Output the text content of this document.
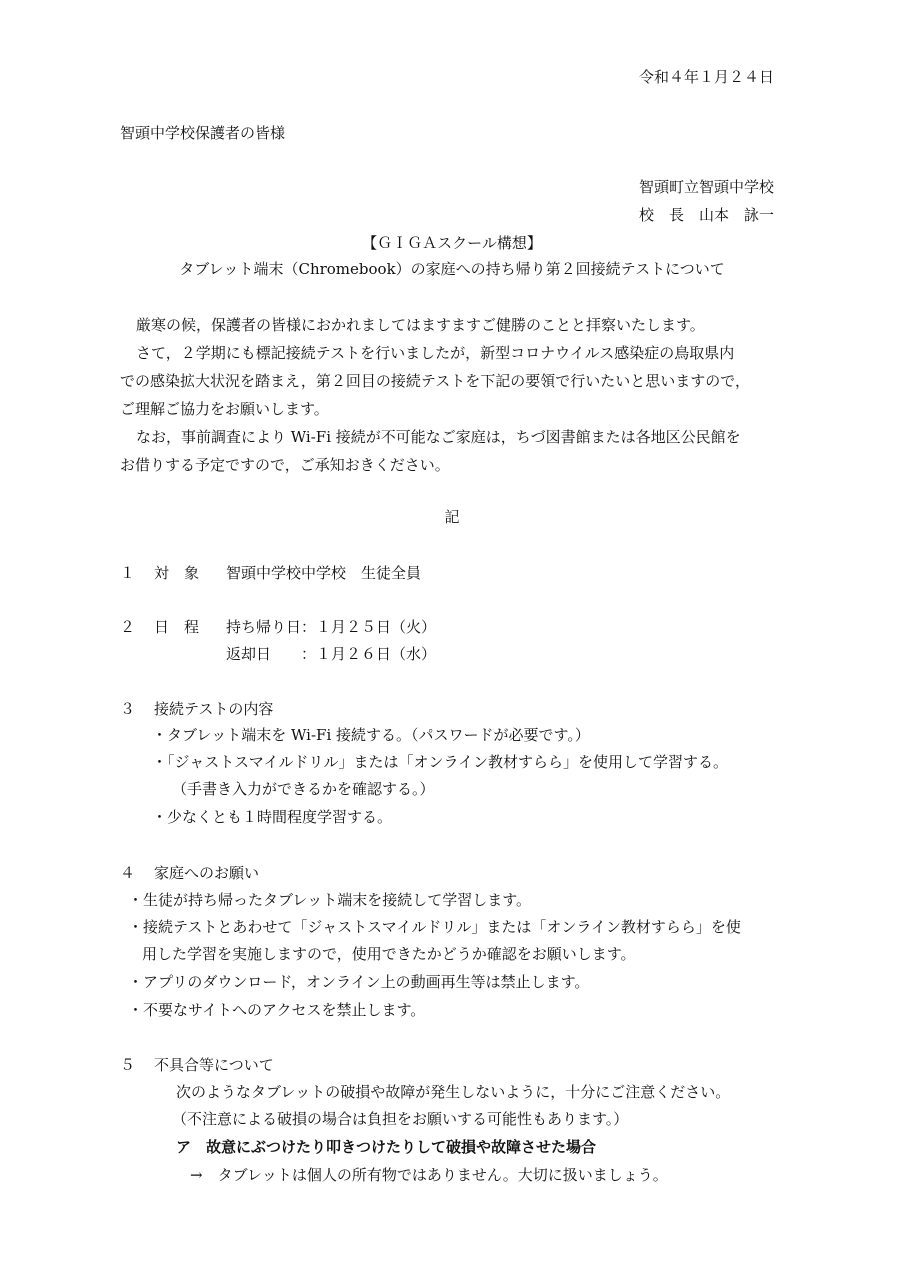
令和４年１月２４日
智頭中学校保護者の皆様
智頭町立智頭中学校
校　長　山本　詠一
【ＧＩＧＡスクール構想】
タブレット端末（Chromebook）の家庭への持ち帰り第２回接続テストについて
厳寒の候，保護者の皆様におかれましてはますますご健勝のことと拝察いたします。
さて，２学期にも標記接続テストを行いましたが，新型コロナウイルス感染症の鳥取県内
での感染拡大状況を踏まえ，第２回目の接続テストを下記の要領で行いたいと思いますので，
ご理解ご協力をお願いします。
なお，事前調査により Wi-Fi 接続が不可能なご家庭は，ちづ図書館または各地区公民館を
お借りする予定ですので，ご承知おきください。
記
１ 対　象 智頭中学校中学校　生徒全員
２ 日　程 持ち帰り日：１月２５日（火）
返却日　　：１月２６日（水）
３ 接続テストの内容
・タブレット端末を Wi-Fi 接続する。（パスワードが必要です。）
・「ジャストスマイルドリル」または「オンライン教材すらら」を使用して学習する。
（手書き入力ができるかを確認する。）
・少なくとも１時間程度学習する。
４ 家庭へのお願い
・生徒が持ち帰ったタブレット端末を接続して学習します。
・接続テストとあわせて「ジャストスマイルドリル」または「オンライン教材すらら」を使
用した学習を実施しますので，使用できたかどうか確認をお願いします。
・アプリのダウンロード，オンライン上の動画再生等は禁止します。
・不要なサイトへのアクセスを禁止します。
５ 不具合等について
次のようなタブレットの破損や故障が発生しないように，十分にご注意ください。
（不注意による破損の場合は負担をお願いする可能性もあります。）
ア　故意にぶつけたり叩きつけたりして破損や故障させた場合
→　タブレットは個人の所有物ではありません。大切に扱いましょう。
